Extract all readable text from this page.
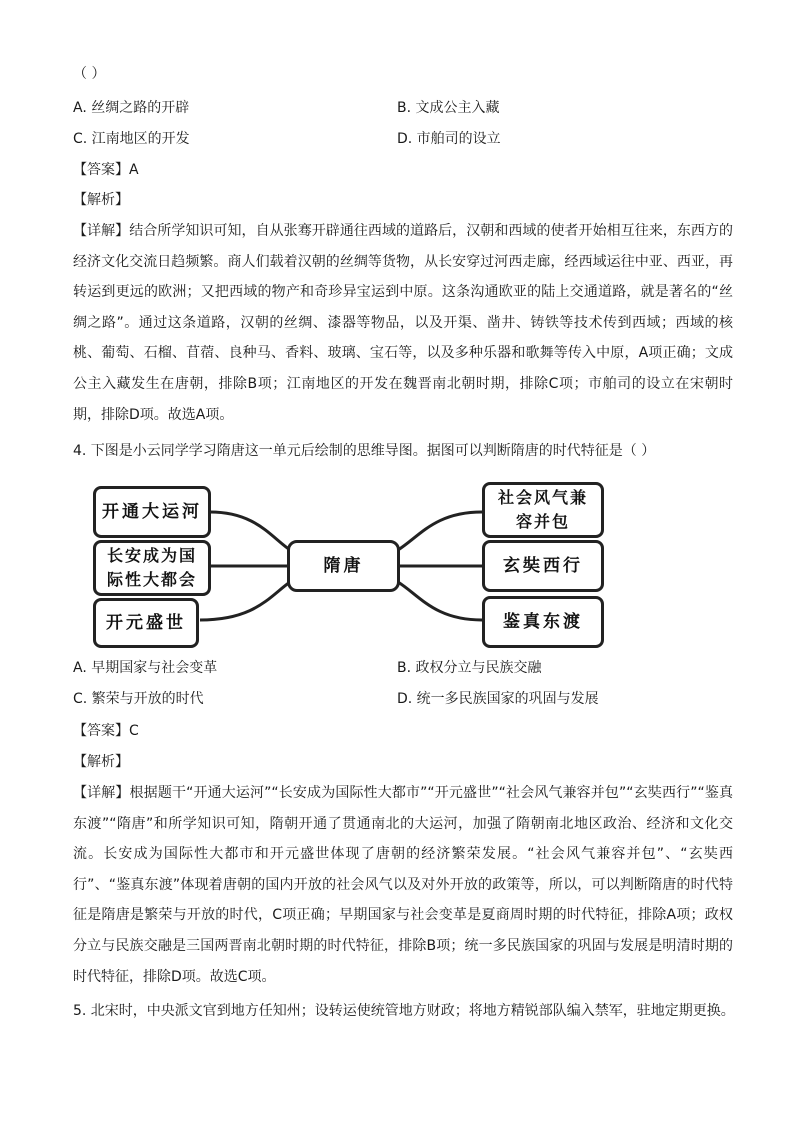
（ ）
A. 丝绸之路的开辟	B. 文成公主入藏
C. 江南地区的开发	D. 市舶司的设立
【答案】A
【解析】
【详解】结合所学知识可知，自从张骞开辟通往西域的道路后，汉朝和西域的使者开始相互往来，东西方的经济文化交流日趋频繁。商人们载着汉朝的丝绸等货物，从长安穿过河西走廊，经西域运往中亚、西亚，再转运到更远的欧洲；又把西域的物产和奇珍异宝运到中原。这条沟通欧亚的陆上交通道路，就是著名的“丝绸之路”。通过这条道路，汉朝的丝绸、漆器等物品，以及开渠、凿井、铸铁等技术传到西域；西域的核桃、葡萄、石榴、苜蓿、良种马、香料、玻璃、宝石等，以及多种乐器和歌舞等传入中原，A项正确；文成公主入藏发生在唐朝，排除B项；江南地区的开发在魏晋南北朝时期，排除C项；市舶司的设立在宋朝时期，排除D项。故选A项。
4. 下图是小云同学学习隋唐这一单元后绘制的思维导图。据图可以判断隋唐的时代特征是（ ）
开通大运河
长安成为国际性大都会
开元盛世
隋唐
社会风气兼容并包
玄奘西行
鉴真东渡
A. 早期国家与社会变革	B. 政权分立与民族交融
C. 繁荣与开放的时代	D. 统一多民族国家的巩固与发展
【答案】C
【解析】
【详解】根据题干“开通大运河”“长安成为国际性大都市”“开元盛世”“社会风气兼容并包”“玄奘西行”“鉴真东渡”“隋唐”和所学知识可知，隋朝开通了贯通南北的大运河，加强了隋朝南北地区政治、经济和文化交流。长安成为国际性大都市和开元盛世体现了唐朝的经济繁荣发展。“社会风气兼容并包”、“玄奘西行”、“鉴真东渡”体现着唐朝的国内开放的社会风气以及对外开放的政策等，所以，可以判断隋唐的时代特征是隋唐是繁荣与开放的时代，C项正确；早期国家与社会变革是夏商周时期的时代特征，排除A项；政权分立与民族交融是三国两晋南北朝时期的时代特征，排除B项；统一多民族国家的巩固与发展是明清时期的时代特征，排除D项。故选C项。
5. 北宋时，中央派文官到地方任知州；设转运使统管地方财政；将地方精锐部队编入禁军，驻地定期更换。
